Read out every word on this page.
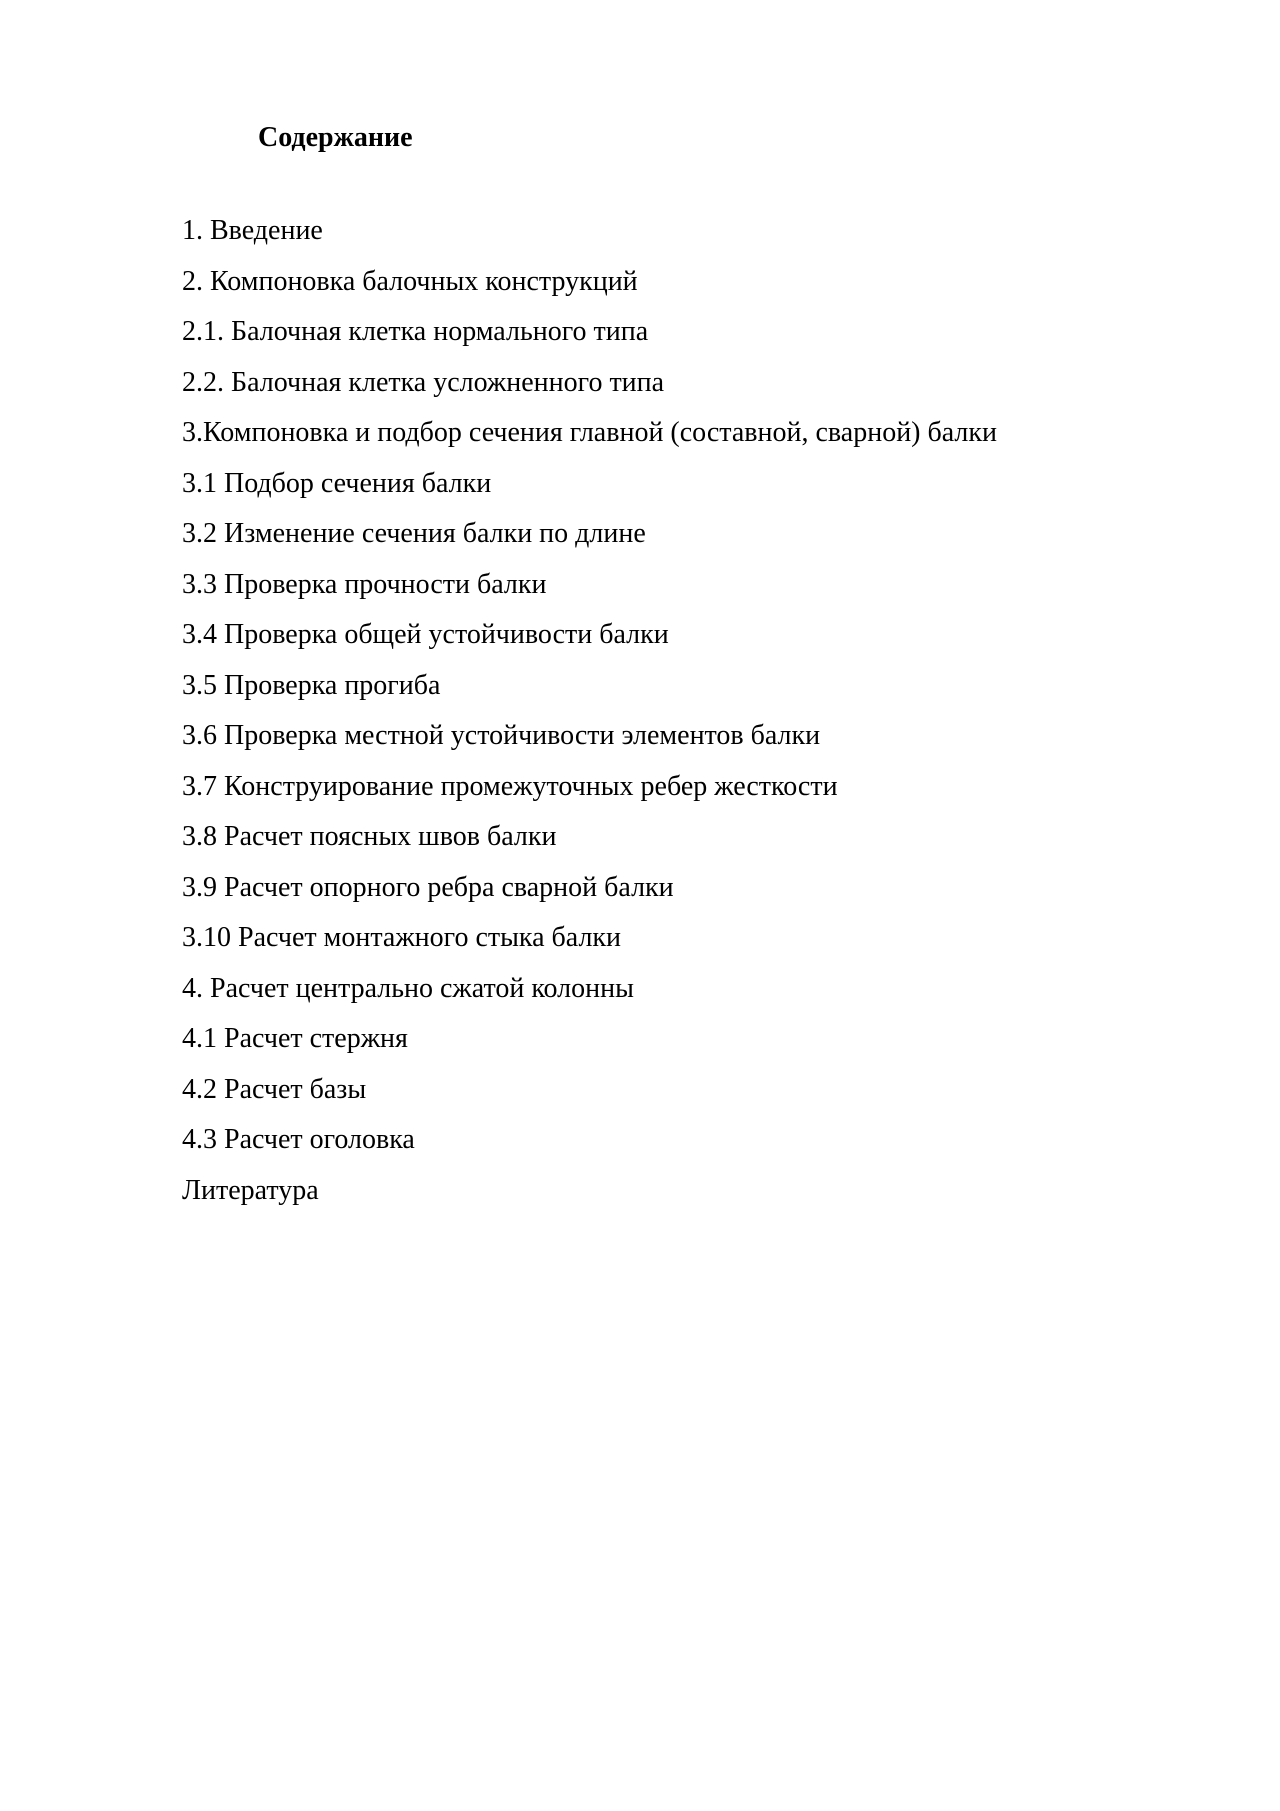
Содержание
1. Введение
2. Компоновка балочных конструкций
2.1. Балочная клетка нормального типа
2.2. Балочная клетка усложненного типа
3.Компоновка и подбор сечения главной (составной, сварной) балки
3.1 Подбор сечения балки
3.2 Изменение сечения балки по длине
3.3 Проверка прочности балки
3.4 Проверка общей устойчивости балки
3.5 Проверка прогиба
3.6 Проверка местной устойчивости элементов балки
3.7 Конструирование промежуточных ребер жесткости
3.8 Расчет поясных швов балки
3.9 Расчет опорного ребра сварной балки
3.10 Расчет монтажного стыка балки
4. Расчет центрально сжатой колонны
4.1 Расчет стержня
4.2 Расчет базы
4.3 Расчет оголовка
Литература
